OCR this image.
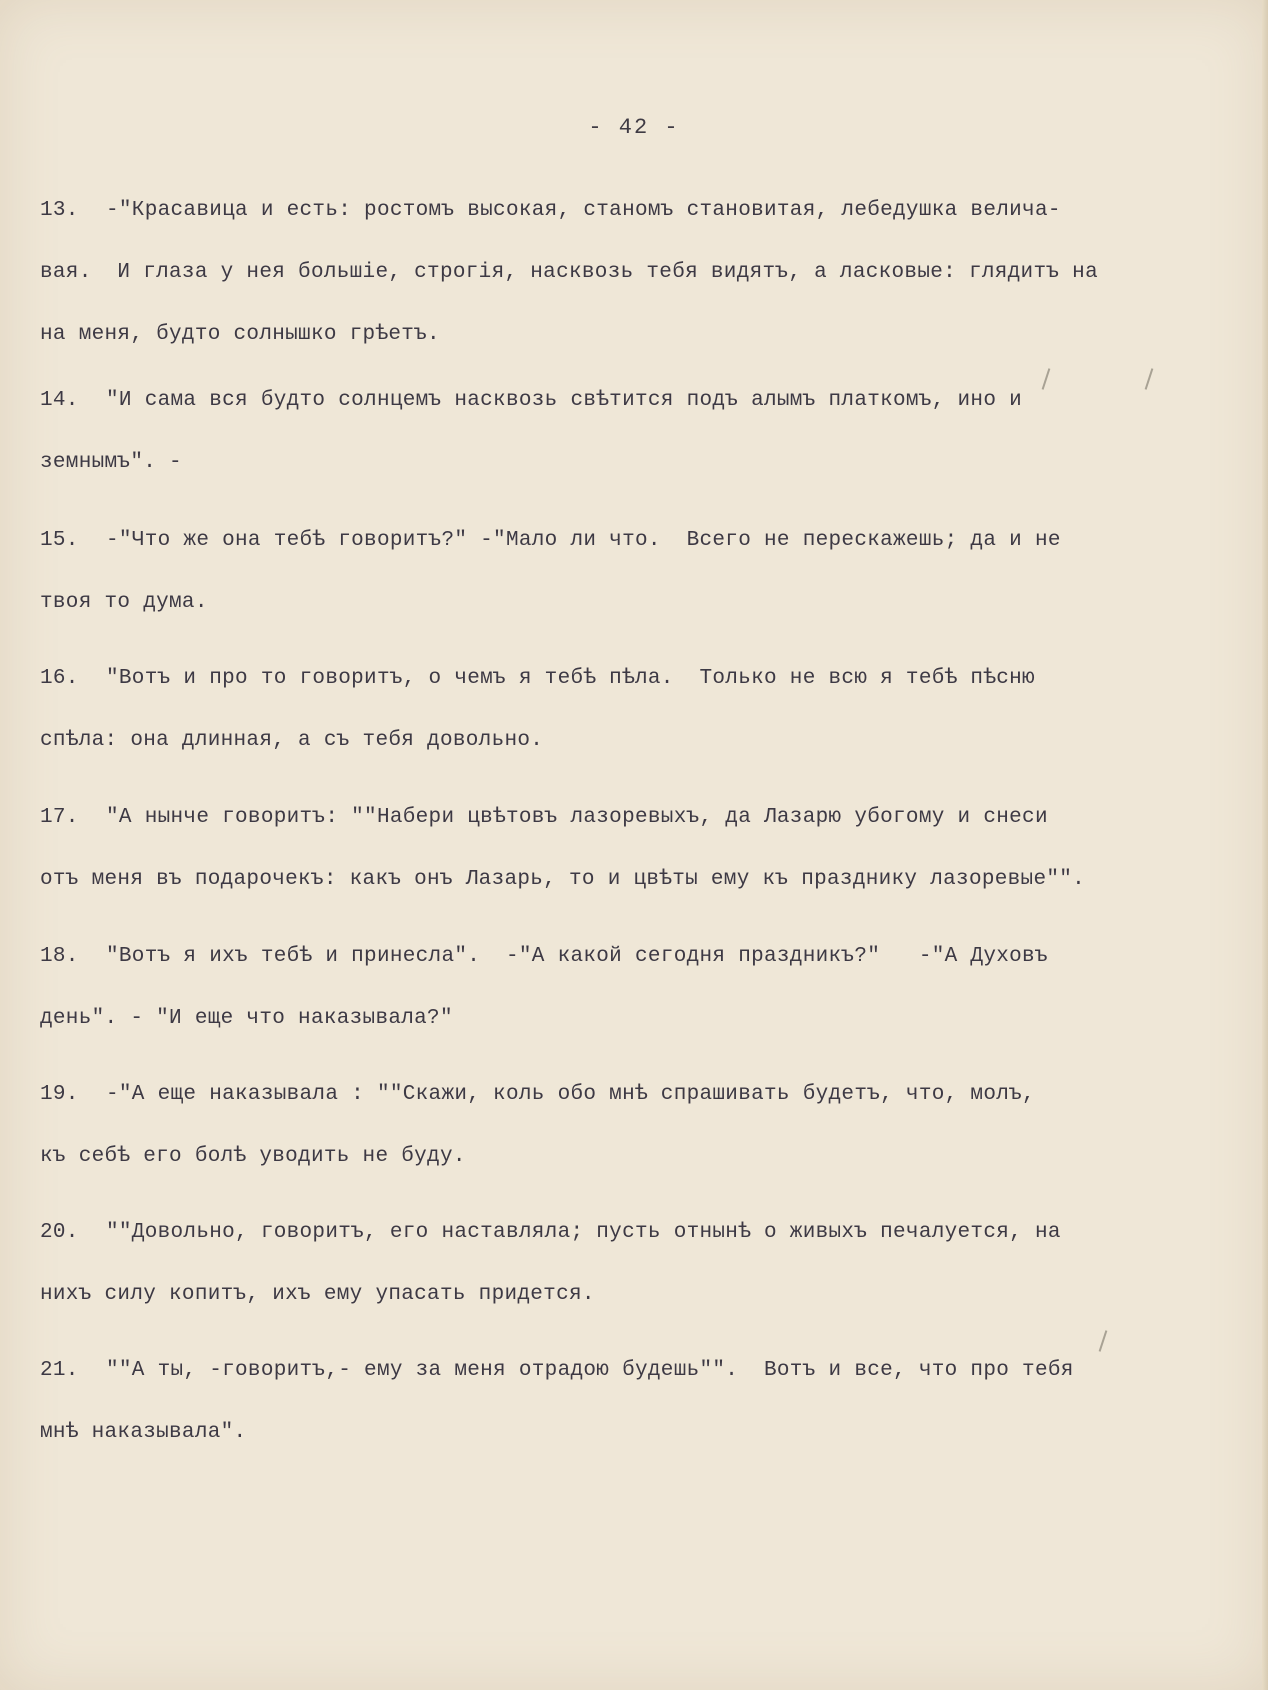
- 42 -
13. -"Красавица и есть: ростомъ высокая, станомъ становитая, лебедушка велича-
вая.  И глаза у нея большiе, строгiя, насквозь тебя видятъ, а ласковые: глядитъ на
на меня, будто солнышко грѣетъ.
14. "И сама вся будто солнцемъ насквозь свѣтится подъ алымъ платкомъ, ино и
земнымъ". -
15. -"Что же она тебѣ говоритъ?" -"Мало ли что.  Всего не перескажешь; да и не
твоя то дума.
16. "Вотъ и про то говоритъ, о чемъ я тебѣ пѣла.  Только не всю я тебѣ пѣсню
спѣла: она длинная, а съ тебя довольно.
17. "А нынче говоритъ: ""Набери цвѣтовъ лазоревыхъ, да Лазарю убогому и снеси
отъ меня въ подарочекъ: какъ онъ Лазарь, то и цвѣты ему къ празднику лазоревые"".
18. "Вотъ я ихъ тебѣ и принесла".  -"А какой сегодня праздникъ?"   -"А Духовъ
день". - "И еще что наказывала?"
19. -"А еще наказывала : ""Скажи, коль обо мнѣ спрашивать будетъ, что, молъ,
къ себѣ его болѣ уводить не буду.
20. ""Довольно, говоритъ, его наставляла; пусть отнынѣ о живыхъ печалуется, на
нихъ силу копитъ, ихъ ему упасать придется.
21. ""А ты, -говоритъ,- ему за меня отрадою будешь"".  Вотъ и все, что про тебя
мнѣ наказывала".
